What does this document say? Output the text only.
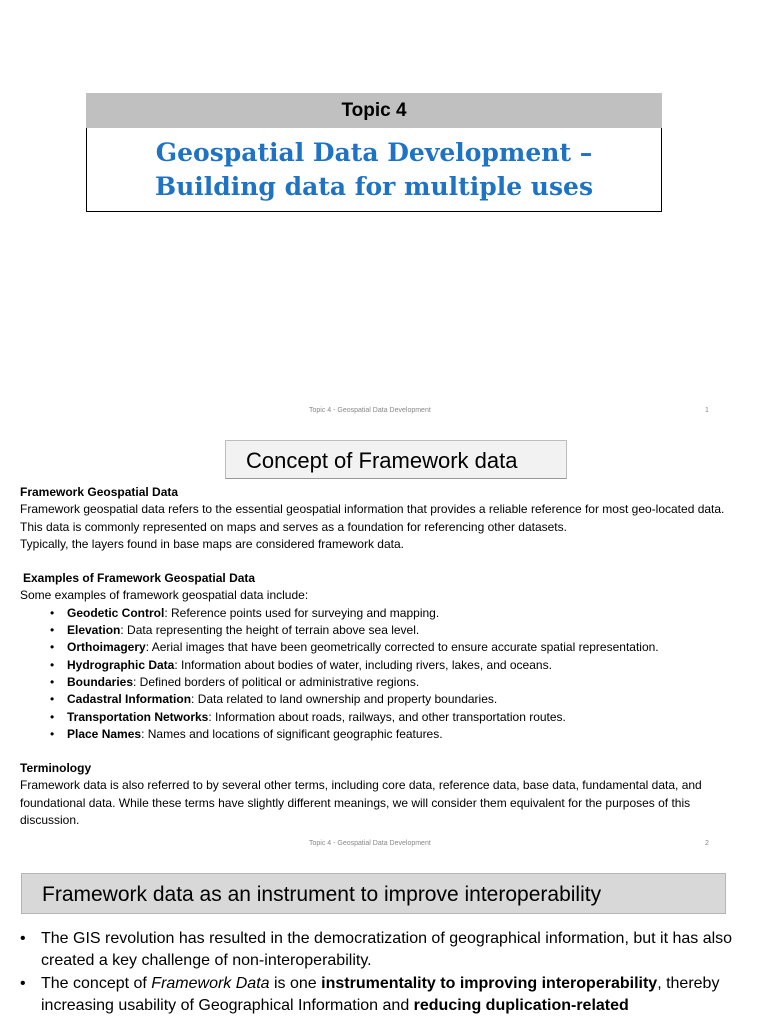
Topic 4
Geospatial Data Development –
Building data for multiple uses
Topic 4 - Geospatial Data Development	1
Concept of Framework data

Framework Geospatial Data

Framework geospatial data refers to the essential geospatial information that provides a reliable reference for most geo-located data.

This data is commonly represented on maps and serves as a foundation for referencing other datasets.

Typically, the layers found in base maps are considered framework data.

Examples of Framework Geospatial Data

Some examples of framework geospatial data include:

• Geodetic Control: Reference points used for surveying and mapping.
• Elevation: Data representing the height of terrain above sea level.
• Orthoimagery: Aerial images that have been geometrically corrected to ensure accurate spatial representation.
• Hydrographic Data: Information about bodies of water, including rivers, lakes, and oceans.
• Boundaries: Defined borders of political or administrative regions.
• Cadastral Information: Data related to land ownership and property boundaries.
• Transportation Networks: Information about roads, railways, and other transportation routes.
• Place Names: Names and locations of significant geographic features.

Terminology

Framework data is also referred to by several other terms, including core data, reference data, base data, fundamental data, and foundational data. While these terms have slightly different meanings, we will consider them equivalent for the purposes of this discussion.

Topic 4 - Geospatial Data Development	2
Framework data as an instrument to improve interoperability
• The GIS revolution has resulted in the democratization of geographical information, but it has also created a key challenge of non-interoperability.
• The concept of Framework Data is one instrumentality to improving interoperability, thereby increasing usability of Geographical Information and reducing duplication-related
